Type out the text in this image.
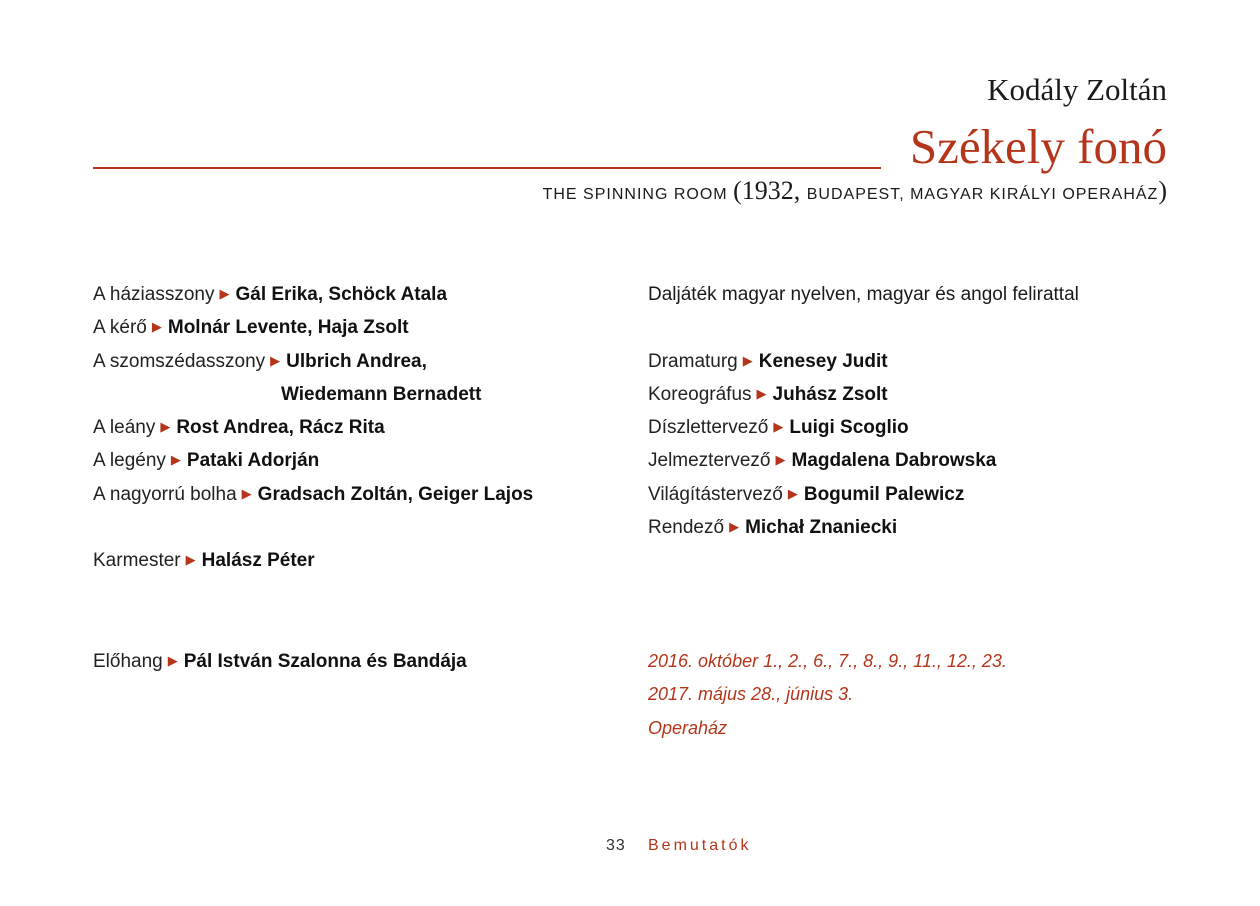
Kodály Zoltán
Székely fonó
THE SPINNING ROOM (1932, BUDAPEST, MAGYAR KIRÁLYI OPERAHÁZ)
A háziasszony ▶ Gál Erika, Schöck Atala
A kérő ▶ Molnár Levente, Haja Zsolt
A szomszédasszony ▶ Ulbrich Andrea,
Wiedemann Bernadett
A leány ▶ Rost Andrea, Rácz Rita
A legény ▶ Pataki Adorján
A nagyorrú bolha ▶ Gradsach Zoltán, Geiger Lajos
Karmester ▶ Halász Péter
Daljáték magyar nyelven, magyar és angol felirattal
Dramaturg ▶ Kenesey Judit
Koreográfus ▶ Juhász Zsolt
Díszlettervező ▶ Luigi Scoglio
Jelmeztervező ▶ Magdalena Dabrowska
Világítástervező ▶ Bogumil Palewicz
Rendező ▶ Michał Znaniecki
Előhang ▶ Pál István Szalonna és Bandája	2016. október 1., 2., 6., 7., 8., 9., 11., 12., 23.
2017. május 28., június 3.
Operaház
33 Bemutatók
